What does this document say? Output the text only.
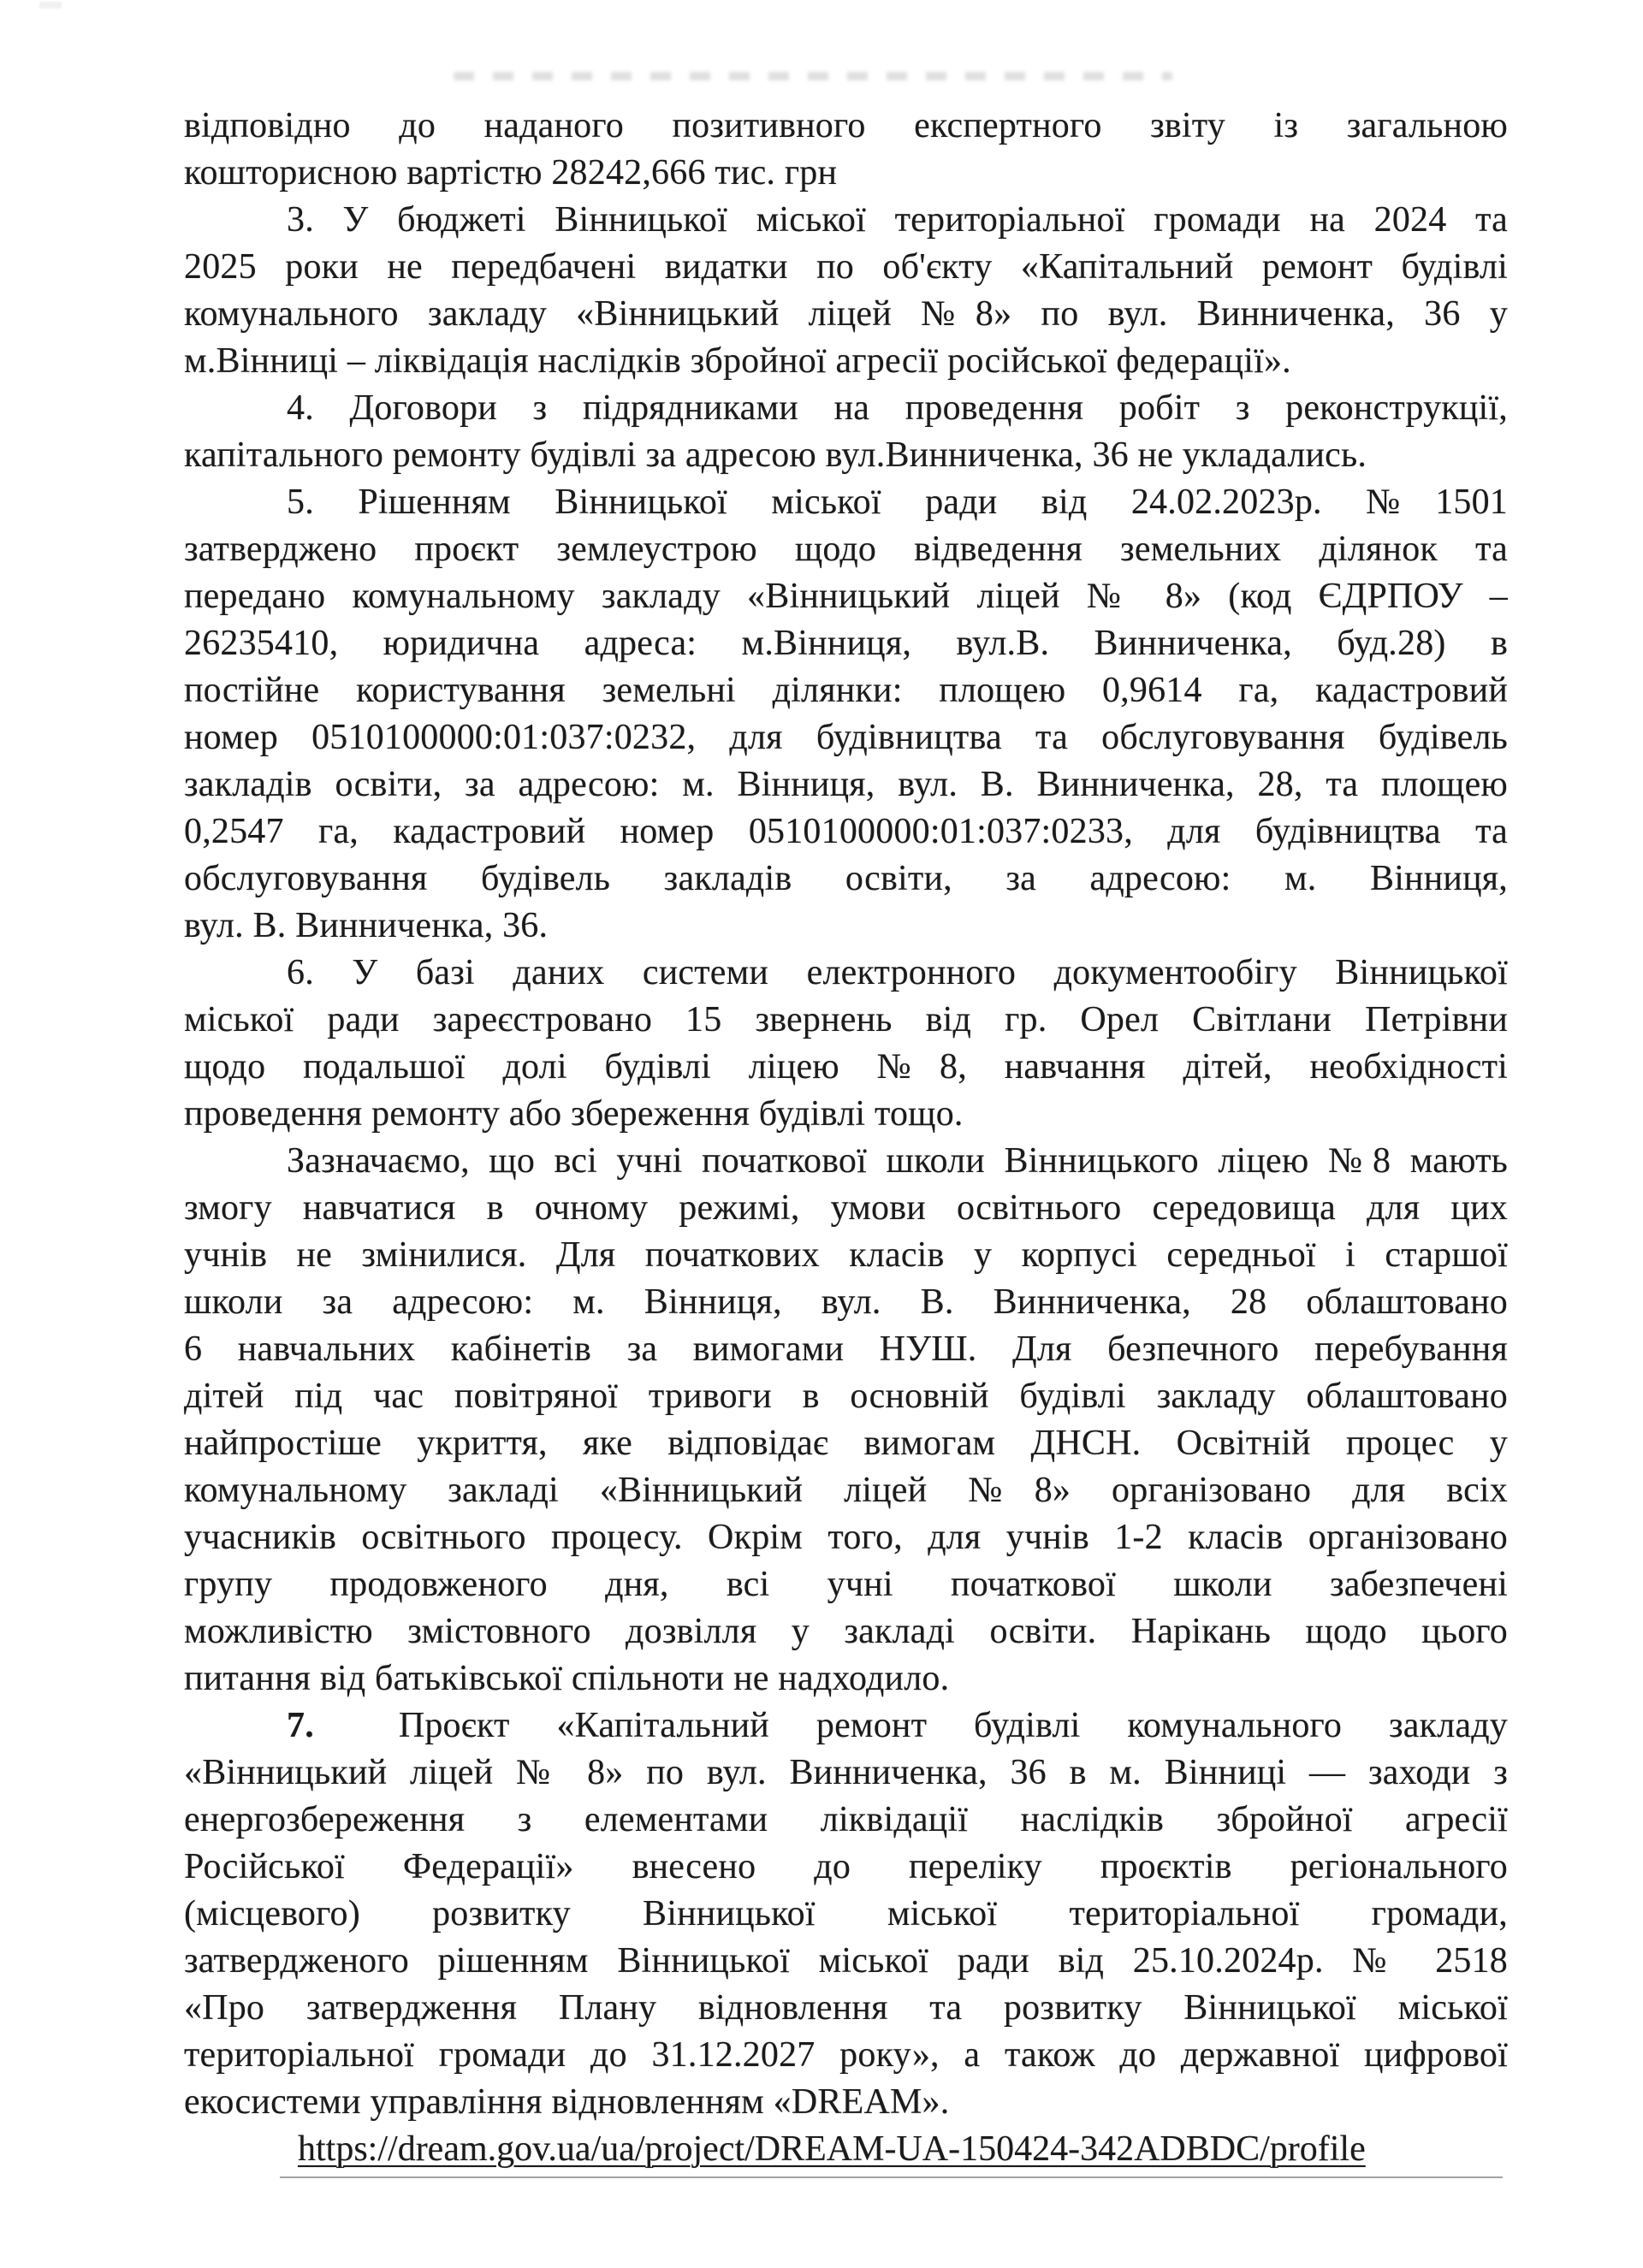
відповідно до наданого позитивного експертного звіту із загальною
кошторисною вартістю 28242,666 тис. грн
3. У бюджеті Вінницької міської територіальної громади на 2024 та
2025 роки не передбачені видатки по об'єкту «Капітальний ремонт будівлі
комунального закладу «Вінницький ліцей №8» по вул. Винниченка, 36 у
м.Вінниці – ліквідація наслідків збройної агресії російської федерації».
4. Договори з підрядниками на проведення робіт з реконструкції,
капітального ремонту будівлі за адресою вул.Винниченка, 36 не укладались.
5. Рішенням Вінницької міської ради від 24.02.2023р. №1501
затверджено проєкт землеустрою щодо відведення земельних ділянок та
передано комунальному закладу «Вінницький ліцей № 8» (код ЄДРПОУ –
26235410, юридична адреса: м.Вінниця, вул.В. Винниченка, буд.28) в
постійне користування земельні ділянки: площею 0,9614 га, кадастровий
номер 0510100000:01:037:0232, для будівництва та обслуговування будівель
закладів освіти, за адресою: м. Вінниця, вул. В. Винниченка, 28, та площею
0,2547 га, кадастровий номер 0510100000:01:037:0233, для будівництва та
обслуговування будівель закладів освіти, за адресою: м. Вінниця,
вул. В. Винниченка, 36.
6. У базі даних системи електронного документообігу Вінницької
міської ради зареєстровано 15 звернень від гр. Орел Світлани Петрівни
щодо подальшої долі будівлі ліцею №8, навчання дітей, необхідності
проведення ремонту або збереження будівлі тощо.
Зазначаємо, що всі учні початкової школи Вінницького ліцею №8 мають
змогу навчатися в очному режимі, умови освітнього середовища для цих
учнів не змінилися. Для початкових класів у корпусі середньої і старшої
школи за адресою: м. Вінниця, вул. В. Винниченка, 28 облаштовано
6 навчальних кабінетів за вимогами НУШ. Для безпечного перебування
дітей під час повітряної тривоги в основній будівлі закладу облаштовано
найпростіше укриття, яке відповідає вимогам ДНСН. Освітній процес у
комунальному закладі «Вінницький ліцей №8» організовано для всіх
учасників освітнього процесу. Окрім того, для учнів 1-2 класів організовано
групу продовженого дня, всі учні початкової школи забезпечені
можливістю змістовного дозвілля у закладі освіти. Нарікань щодо цього
питання від батьківської спільноти не надходило.
7. Проєкт «Капітальний ремонт будівлі комунального закладу
«Вінницький ліцей № 8» по вул. Винниченка, 36 в м. Вінниці — заходи з
енергозбереження з елементами ліквідації наслідків збройної агресії
Російської Федерації» внесено до переліку проєктів регіонального
(місцевого) розвитку Вінницької міської територіальної громади,
затвердженого рішенням Вінницької міської ради від 25.10.2024р. № 2518
«Про затвердження Плану відновлення та розвитку Вінницької міської
територіальної громади до 31.12.2027 року», а також до державної цифрової
екосистеми управління відновленням «DREAM».
https://dream.gov.ua/ua/project/DREAM-UA-150424-342ADBDC/profile
